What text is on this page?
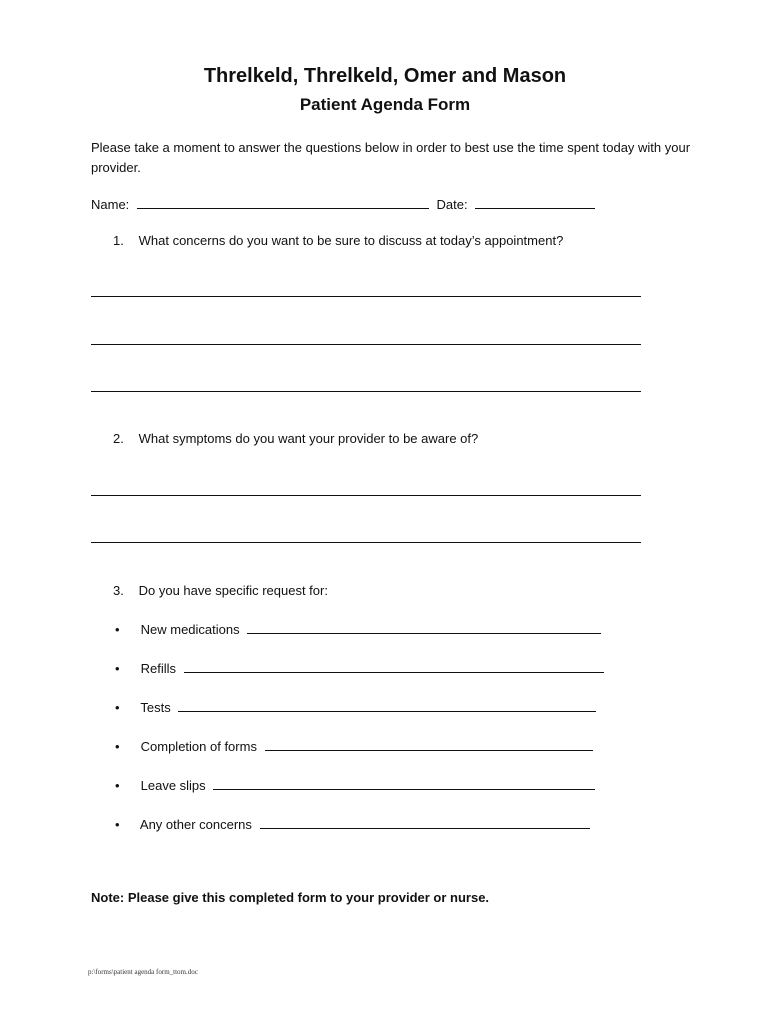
Threlkeld, Threlkeld, Omer and Mason
Patient Agenda Form
Please take a moment to answer the questions below in order to best use the time spent today with your provider.
Name:	Date:
1. What concerns do you want to be sure to discuss at today’s appointment?
2. What symptoms do you want your provider to be aware of?
3. Do you have specific request for:
• New medications
• Refills
• Tests
• Completion of forms
• Leave slips
• Any other concerns
Note: Please give this completed form to your provider or nurse.
p:\forms\patient agenda form_ttom.doc
